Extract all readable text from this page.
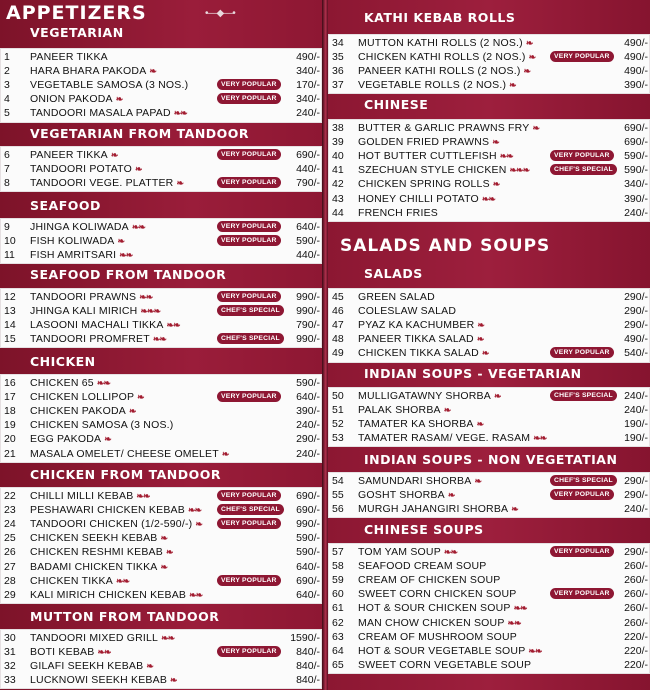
APPETIZERS	•—◆—•
VEGETARIAN
1 PANEER TIKKA	490/-
2 HARA BHARA PAKODA ❧	340/-
3 VEGETABLE SAMOSA (3 NOS.)	VERY POPULAR	170/-
4 ONION PAKODA ❧	VERY POPULAR	340/-
5 TANDOORI MASALA PAPAD ❧❧	240/-
VEGETARIAN FROM TANDOOR
6 PANEER TIKKA ❧	VERY POPULAR	690/-
7 TANDOORI POTATO ❧	440/-
8 TANDOORI VEGE. PLATTER ❧	VERY POPULAR	790/-
SEAFOOD
9 JHINGA KOLIWADA ❧❧	VERY POPULAR	640/-
10 FISH KOLIWADA ❧	VERY POPULAR	590/-
11 FISH AMRITSARI ❧❧	440/-
SEAFOOD FROM TANDOOR
12 TANDOORI PRAWNS ❧❧	VERY POPULAR	990/-
13 JHINGA KALI MIRICH ❧❧❧	CHEF'S SPECIAL	990/-
14 LASOONI MACHALI TIKKA ❧❧	790/-
15 TANDOORI PROMFRET ❧❧	CHEF'S SPECIAL	990/-
CHICKEN
16 CHICKEN 65 ❧❧	590/-
17 CHICKEN LOLLIPOP ❧	VERY POPULAR	640/-
18 CHICKEN PAKODA ❧	390/-
19 CHICKEN SAMOSA (3 NOS.)	240/-
20 EGG PAKODA ❧	290/-
21 MASALA OMELET/ CHEESE OMELET ❧	240/-
CHICKEN FROM TANDOOR
22 CHILLI MILLI KEBAB ❧❧	VERY POPULAR	690/-
23 PESHAWARI CHICKEN KEBAB ❧❧	CHEF'S SPECIAL	690/-
24 TANDOORI CHICKEN (1/2-590/-) ❧	VERY POPULAR	990/-
25 CHICKEN SEEKH KEBAB ❧	590/-
26 CHICKEN RESHMI KEBAB ❧	590/-
27 BADAMI CHICKEN TIKKA ❧	640/-
28 CHICKEN TIKKA ❧❧	VERY POPULAR	690/-
29 KALI MIRICH CHICKEN KEBAB ❧❧	640/-
MUTTON FROM TANDOOR
30 TANDOORI MIXED GRILL ❧❧	1590/-
31 BOTI KEBAB ❧❧	VERY POPULAR	840/-
32 GILAFI SEEKH KEBAB ❧	840/-
33 LUCKNOWI SEEKH KEBAB ❧	840/-
KATHI KEBAB ROLLS
34 MUTTON KATHI ROLLS (2 NOS.) ❧	490/-
35 CHICKEN KATHI ROLLS (2 NOS.) ❧	VERY POPULAR	490/-
36 PANEER KATHI ROLLS (2 NOS.) ❧	490/-
37 VEGETABLE ROLLS (2 NOS.) ❧	390/-
CHINESE
38 BUTTER & GARLIC PRAWNS FRY ❧	690/-
39 GOLDEN FRIED PRAWNS ❧	690/-
40 HOT BUTTER CUTTLEFISH ❧❧	VERY POPULAR	590/-
41 SZECHUAN STYLE CHICKEN ❧❧❧	CHEF'S SPECIAL	590/-
42 CHICKEN SPRING ROLLS ❧	340/-
43 HONEY CHILLI POTATO ❧❧	390/-
44 FRENCH FRIES	240/-
SALADS AND SOUPS
SALADS
45 GREEN SALAD	290/-
46 COLESLAW SALAD	290/-
47 PYAZ KA KACHUMBER ❧	290/-
48 PANEER TIKKA SALAD ❧	490/-
49 CHICKEN TIKKA SALAD ❧	VERY POPULAR	540/-
INDIAN SOUPS - VEGETARIAN
50 MULLIGATAWNY SHORBA ❧	CHEF'S SPECIAL	240/-
51 PALAK SHORBA ❧	240/-
52 TAMATER KA SHORBA ❧	190/-
53 TAMATER RASAM/ VEGE. RASAM ❧❧	190/-
INDIAN SOUPS - NON VEGETATIAN
54 SAMUNDARI SHORBA ❧	CHEF'S SPECIAL	290/-
55 GOSHT SHORBA ❧	VERY POPULAR	290/-
56 MURGH JAHANGIRI SHORBA ❧	240/-
CHINESE SOUPS
57 TOM YAM SOUP ❧❧	VERY POPULAR	290/-
58 SEAFOOD CREAM SOUP	260/-
59 CREAM OF CHICKEN SOUP	260/-
60 SWEET CORN CHICKEN SOUP	VERY POPULAR	260/-
61 HOT & SOUR CHICKEN SOUP ❧❧	260/-
62 MAN CHOW CHICKEN SOUP ❧❧	260/-
63 CREAM OF MUSHROOM SOUP	220/-
64 HOT & SOUR VEGETABLE SOUP ❧❧	220/-
65 SWEET CORN VEGETABLE SOUP	220/-
